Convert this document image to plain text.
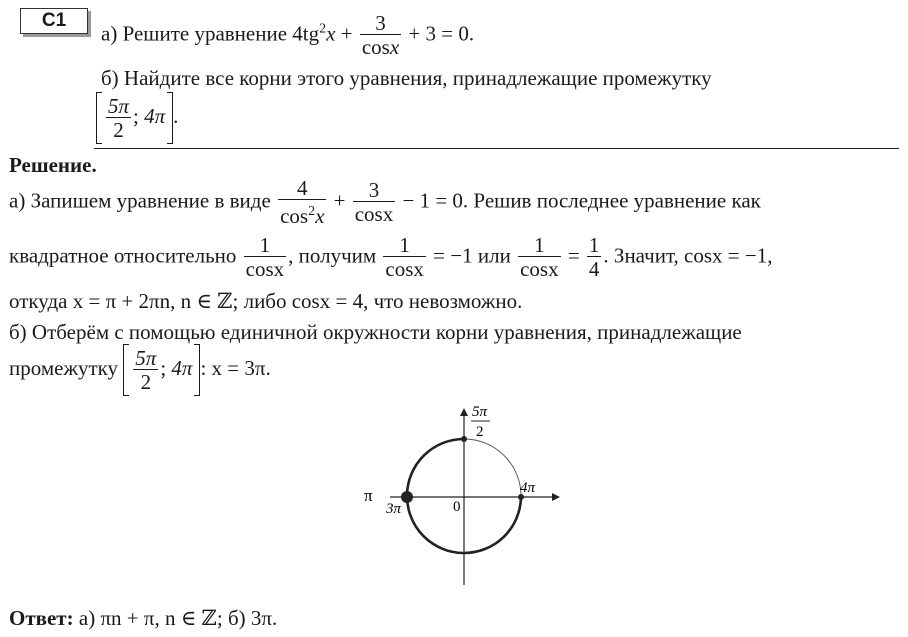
C1
а) Решите уравнение $4tg^2x + \frac{3}{\cos x} + 3 = 0$.
б) Найдите все корни этого уравнения, принадлежащие промежутку
$\frac{5\pi}{2}$ ; 4π .
Решение.
а) Запишем уравнение в виде $\frac{4}{\cos^2x} + \frac{3}{\cos x} - 1 = 0$. Решив последнее уравнение как
квадратное относительно $\frac{1}{\cos x}$ , получим $\frac{1}{\cos x} = -1$ или $\frac{1}{\cos x} = \frac{1}{4}$ . Значит, cosx = −1,
откуда x = π + 2πn, n ∈ ℤ; либо cosx = 4, что невозможно.
б) Отберём с помощью единичной окружности корни уравнения, принадлежащие
промежутку $\frac{5\pi}{2}$ ; 4π : x = 3π.
5π
2
4π
π
3π	0
Ответ: а) πn + π, n ∈ ℤ; б) 3π.
